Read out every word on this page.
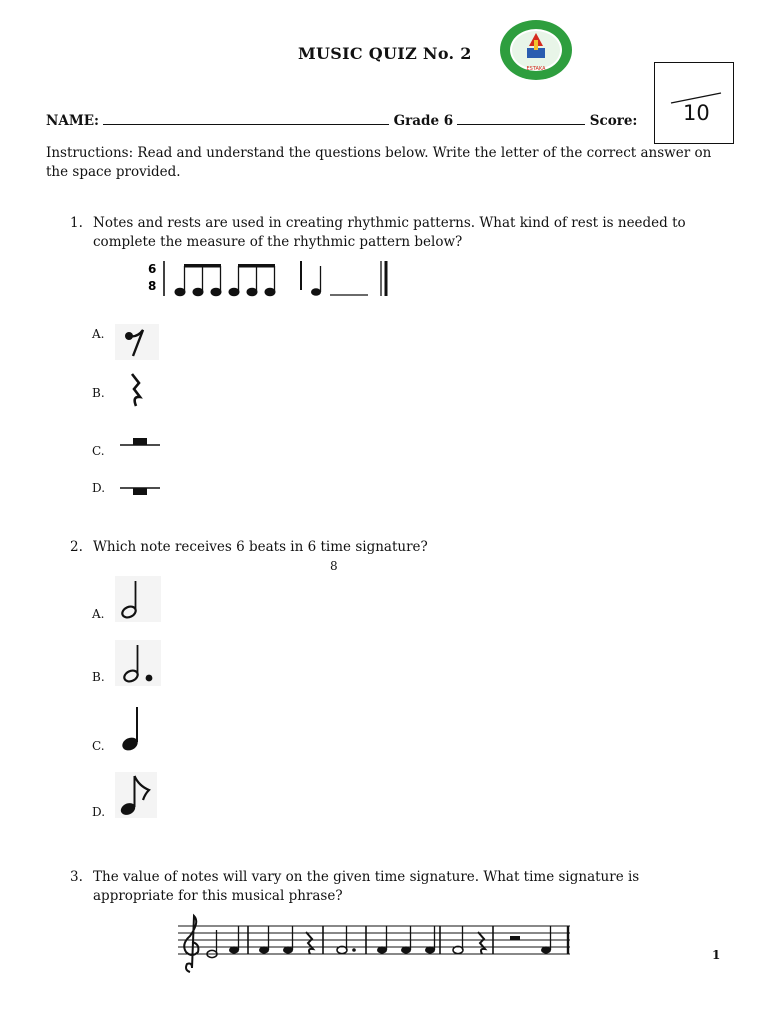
MUSIC QUIZ No. 2
ESTAKA
10
NAME:	Grade 6	Score:
Instructions: Read and understand the questions below. Write the letter of the correct answer on the space provided.
1. Notes and rests are used in creating rhythmic patterns. What kind of rest is needed to complete the measure of the rhythmic pattern below?
6
8
A.
B.
C.
D.
2. Which note receives 6 beats in 6 time signature?
8
A.
B.
C.
D.
3. The value of notes will vary on the given time signature. What time signature is appropriate for this musical phrase?
1
